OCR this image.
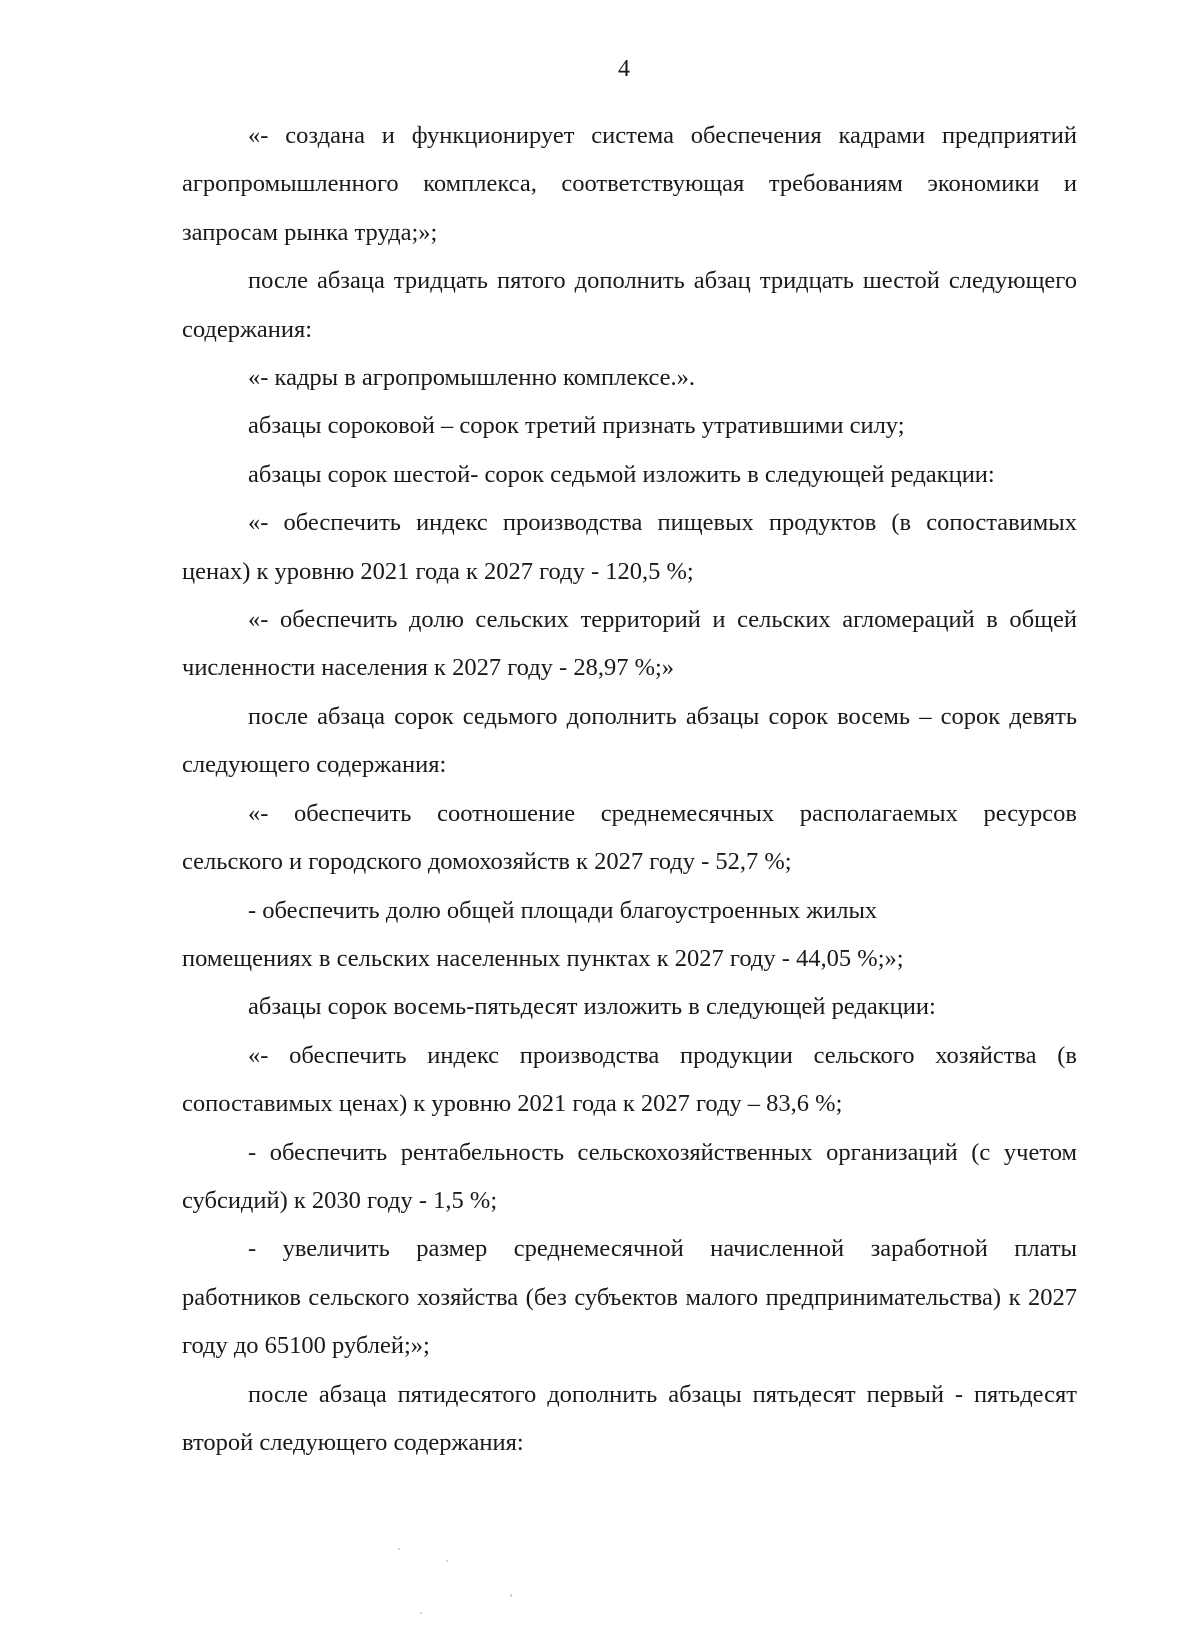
4

«- создана и функционирует система обеспечения кадрами предприятий агропромышленного комплекса, соответствующая требованиям экономики и запросам рынка труда;»;

после абзаца тридцать пятого дополнить абзац тридцать шестой следующего содержания:

«- кадры в агропромышленно комплексе.».

абзацы сороковой – сорок третий признать утратившими силу;

абзацы сорок шестой- сорок седьмой изложить в следующей редакции:

«- обеспечить индекс производства пищевых продуктов (в сопоставимых ценах) к уровню 2021 года к 2027 году - 120,5 %;

«- обеспечить долю сельских территорий и сельских агломераций в общей численности населения к 2027 году - 28,97 %;»

после абзаца сорок седьмого дополнить абзацы сорок восемь – сорок девять следующего содержания:

«- обеспечить соотношение среднемесячных располагаемых ресурсов сельского и городского домохозяйств к 2027 году - 52,7 %;

- обеспечить долю общей площади благоустроенных жилых

помещениях в сельских населенных пунктах к 2027 году - 44,05 %;»;

абзацы сорок восемь-пятьдесят изложить в следующей редакции:

«- обеспечить индекс производства продукции сельского хозяйства (в сопоставимых ценах) к уровню 2021 года к 2027 году – 83,6 %;

- обеспечить рентабельность сельскохозяйственных организаций (с учетом субсидий) к 2030 году - 1,5 %;

- увеличить размер среднемесячной начисленной заработной платы работников сельского хозяйства (без субъектов малого предпринимательства) к 2027 году до 65100 рублей;»;

после абзаца пятидесятого дополнить абзацы пятьдесят первый - пятьдесят второй следующего содержания:
